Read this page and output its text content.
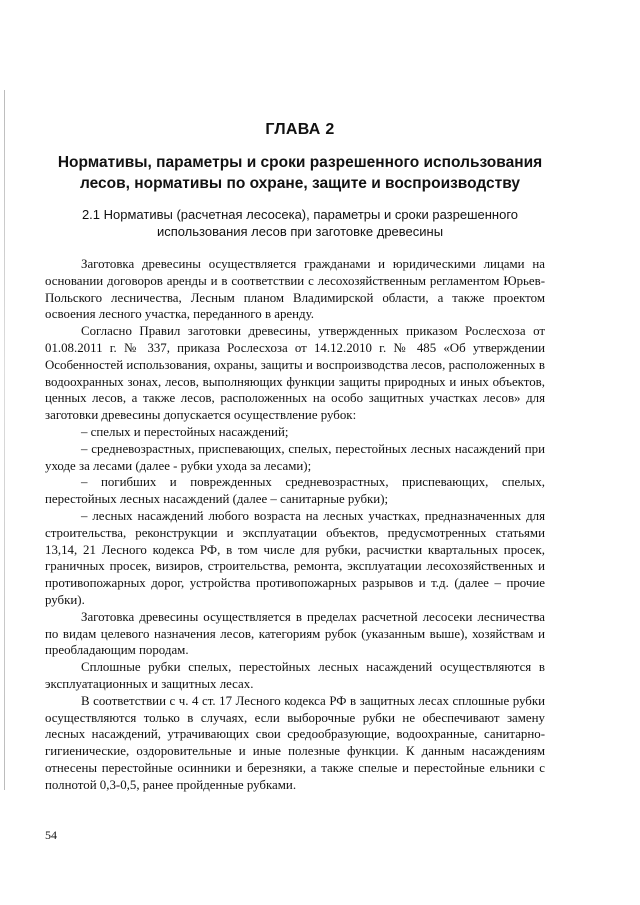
ГЛАВА 2
Нормативы, параметры и сроки разрешенного использования лесов, нормативы по охране, защите и воспроизводству
2.1 Нормативы (расчетная лесосека), параметры и сроки разрешенного использования лесов при заготовке древесины

Заготовка древесины осуществляется гражданами и юридическими лицами на основании договоров аренды и в соответствии с лесохозяйственным регламентом Юрьев- Польского лесничества, Лесным планом Владимирской области, а также проектом освоения лесного участка, переданного в аренду.

Согласно Правил заготовки древесины, утвержденных приказом Рослесхоза от 01.08.2011 г. № 337, приказа Рослесхоза от 14.12.2010 г. № 485 «Об утверждении Особенностей использования, охраны, защиты и воспроизводства лесов, расположенных в водоохранных зонах, лесов, выполняющих функции защиты природных и иных объектов, ценных лесов, а также лесов, расположенных на особо защитных участках лесов» для заготовки древесины допускается осуществление рубок:

– спелых и перестойных насаждений;

– средневозрастных, приспевающих, спелых, перестойных лесных насаждений при уходе за лесами (далее - рубки ухода за лесами);

– погибших и поврежденных средневозрастных, приспевающих, спелых, перестойных лесных насаждений (далее – санитарные рубки);

– лесных насаждений любого возраста на лесных участках, предназначенных для строительства, реконструкции и эксплуатации объектов, предусмотренных статьями 13,14, 21 Лесного кодекса РФ, в том числе для рубки, расчистки квартальных просек, граничных просек, визиров, строительства, ремонта, эксплуатации лесохозяйственных и противопожарных дорог, устройства противопожарных разрывов и т.д. (далее – прочие рубки).

Заготовка древесины осуществляется в пределах расчетной лесосеки лесничества по видам целевого назначения лесов, категориям рубок (указанным выше), хозяйствам и преобладающим породам.

Сплошные рубки спелых, перестойных лесных насаждений осуществляются в эксплуатационных и защитных лесах.

В соответствии с ч. 4 ст. 17 Лесного кодекса РФ в защитных лесах сплошные рубки осуществляются только в случаях, если выборочные рубки не обеспечивают замену лесных насаждений, утрачивающих свои средообразующие, водоохранные, санитарно-гигиенические, оздоровительные и иные полезные функции. К данным насаждениям отнесены перестойные осинники и березняки, а также спелые и перестойные ельники с полнотой 0,3-0,5, ранее пройденные рубками.

54
